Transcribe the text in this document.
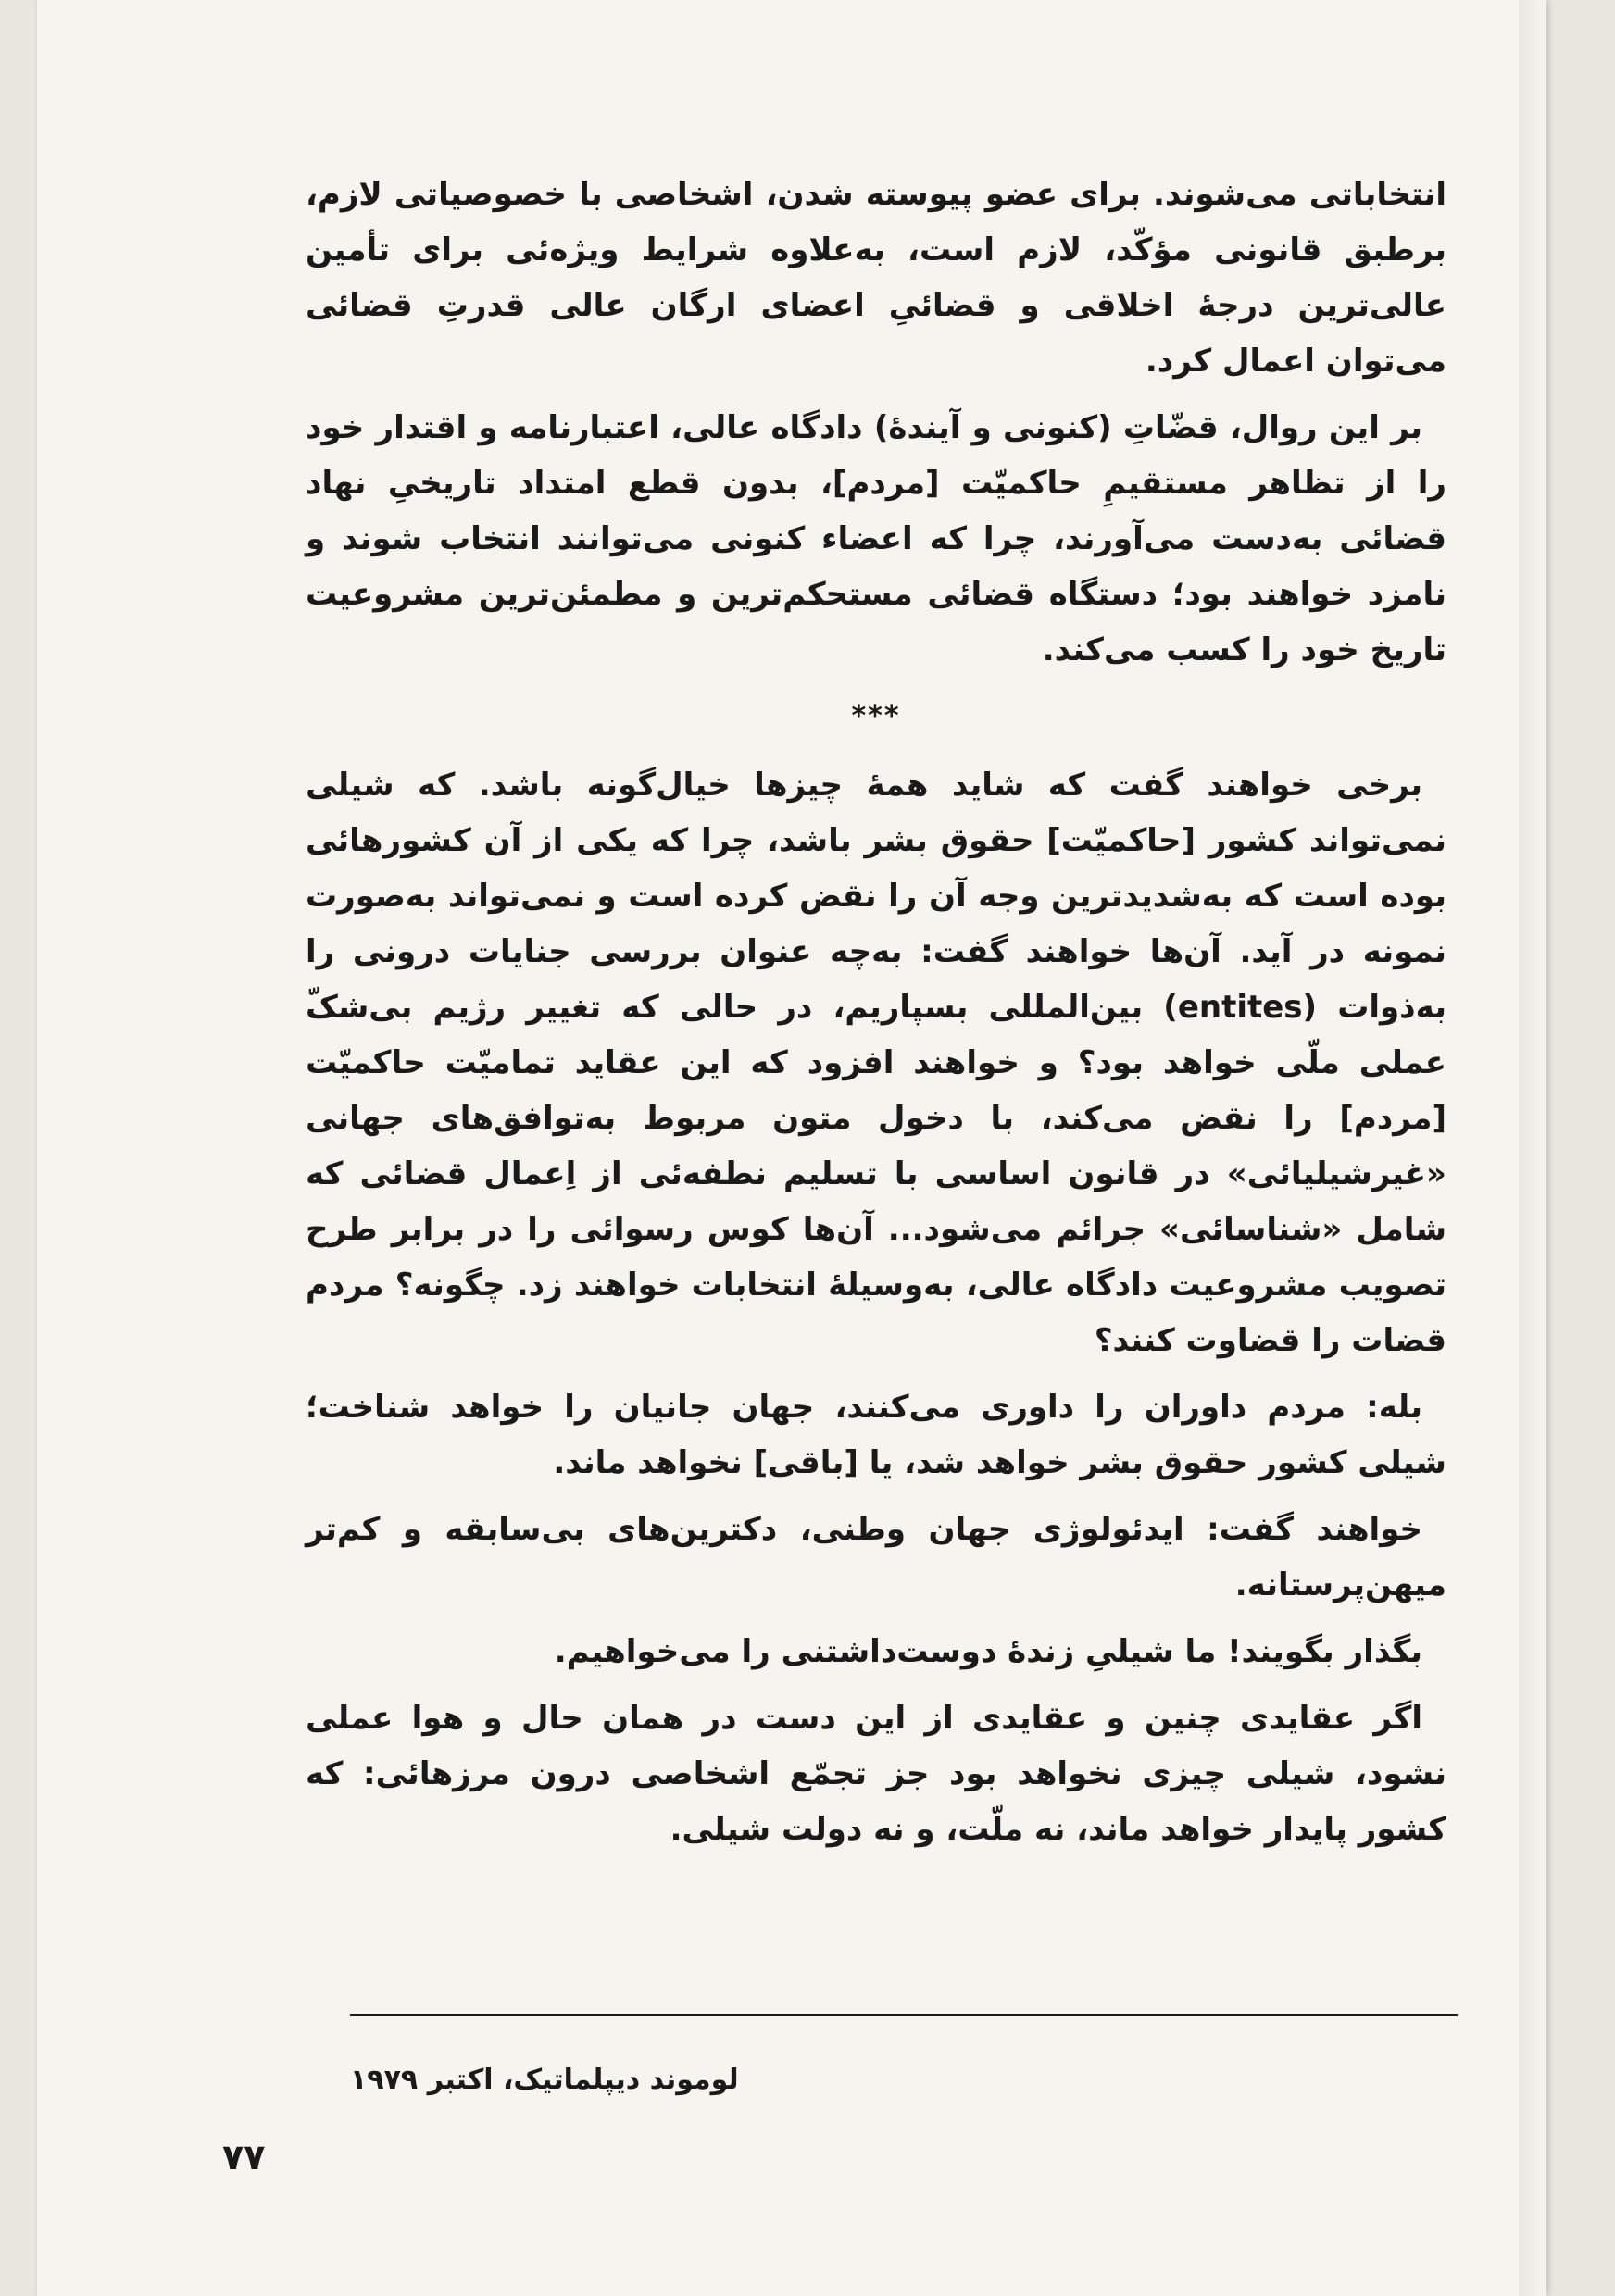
انتخاباتی می‌شوند. برای عضو پیوسته شدن، اشخاصی با خصوصیاتی لازم، برطبق قانونی مؤکّد، لازم است، به‌علاوه شرایط ویژه‌ئی برای تأمین عالی‌ترین درجهٔ اخلاقی و قضائیِ اعضای ارگان عالی قدرتِ قضائی می‌توان اعمال کرد.

بر این روال، قضّاتِ (کنونی و آیندهٔ) دادگاه عالی، اعتبارنامه و اقتدار خود را از تظاهر مستقیمِ حاکمیّت [مردم]، بدون قطع امتداد تاریخیِ نهاد قضائی به‌دست می‌آورند، چرا که اعضاء کنونی می‌توانند انتخاب شوند و نامزد خواهند بود؛ دستگاه قضائی مستحکم‌ترین و مطمئن‌ترین مشروعیت تاریخ خود را کسب می‌کند.

***

برخی خواهند گفت که شاید همهٔ چیزها خیال‌گونه باشد. که شیلی نمی‌تواند کشور [حاکمیّت] حقوق بشر باشد، چرا که یکی از آن کشورهائی بوده است که به‌شدیدترین وجه آن را نقض کرده است و نمی‌تواند به‌صورت نمونه در آید. آن‌ها خواهند گفت: به‌چه عنوان بررسی جنایات درونی را به‌ذوات (entites) بین‌المللی بسپاریم، در حالی که تغییر رژیم بی‌شکّ عملی ملّی خواهد بود؟ و خواهند افزود که این عقاید تمامیّت حاکمیّت [مردم] را نقض می‌کند، با دخول متون مربوط به‌توافق‌های جهانی «غیرشیلیائی» در قانون اساسی با تسلیم نطفه‌ئی از اِعمال قضائی که شامل «شناسائی» جرائم می‌شود... آن‌ها کوس رسوائی را در برابر طرح تصویب مشروعیت دادگاه عالی، به‌وسیلهٔ انتخابات خواهند زد. چگونه؟ مردم قضات را قضاوت کنند؟

بله: مردم داوران را داوری می‌کنند، جهان جانیان را خواهد شناخت؛ شیلی کشور حقوق بشر خواهد شد، یا [باقی] نخواهد ماند.

خواهند گفت: ایدئولوژی جهان وطنی، دکترین‌های بی‌سابقه و کم‌تر میهن‌پرستانه.

بگذار بگویند! ما شیلیِ زندهٔ دوست‌داشتنی را می‌خواهیم.

اگر عقایدی چنین و عقایدی از این دست در همان حال و هوا عملی نشود، شیلی چیزی نخواهد بود جز تجمّع اشخاصی درون مرزهائی: که کشور پایدار خواهد ماند، نه ملّت، و نه دولت شیلی.

لوموند دیپلماتیک، اکتبر ۱۹۷۹
۷۷
